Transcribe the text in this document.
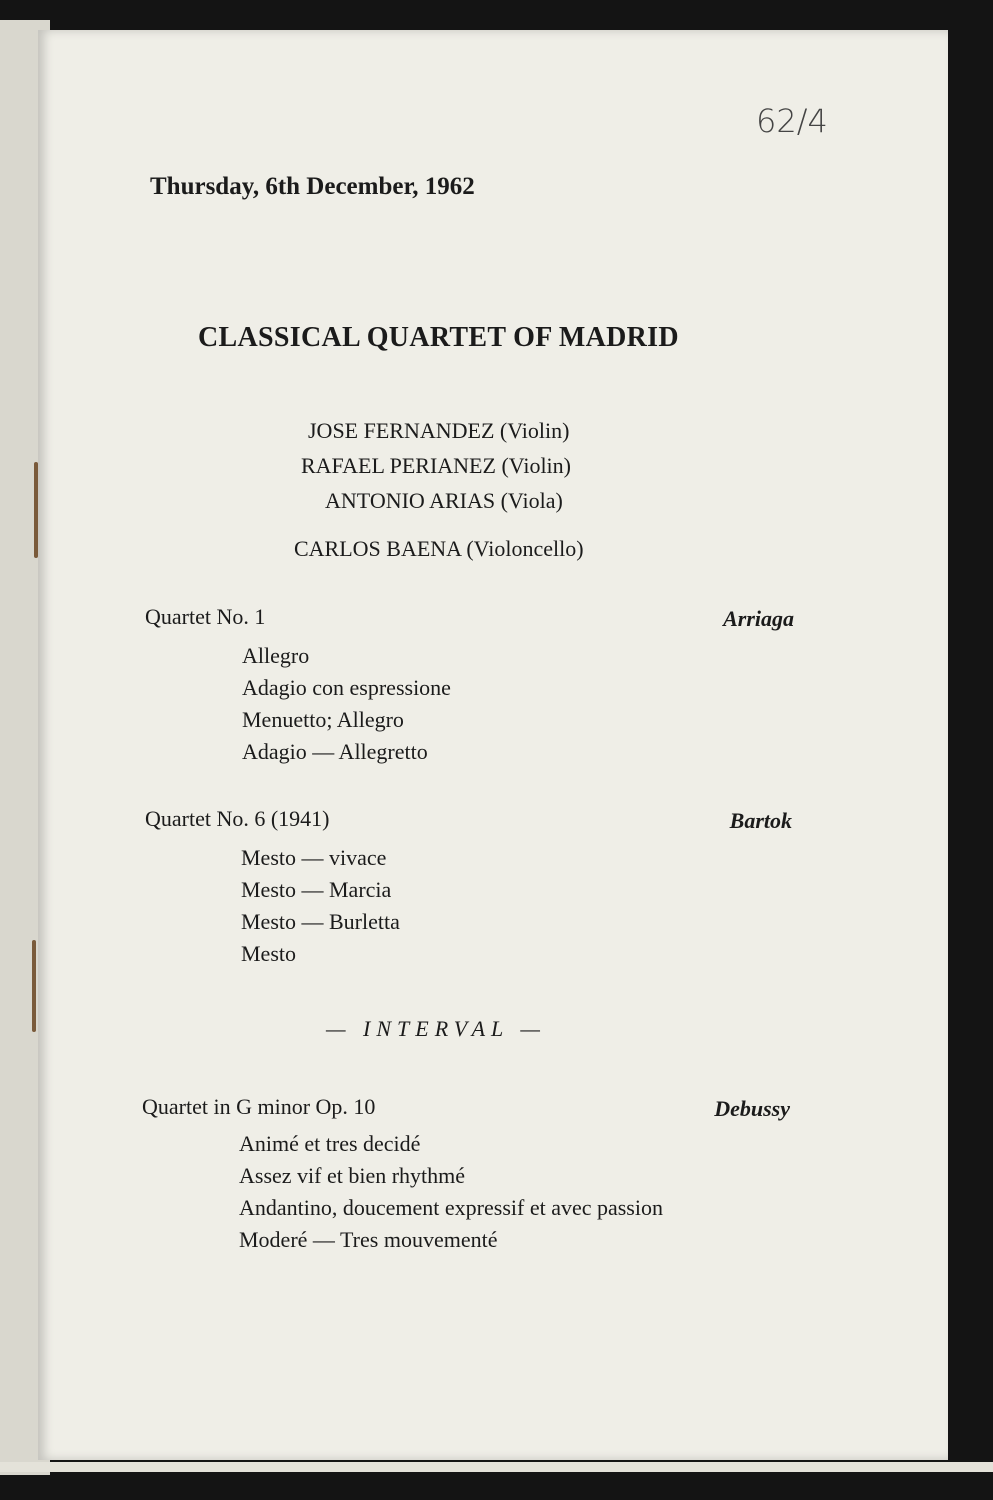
62/4
Thursday, 6th December, 1962
CLASSICAL QUARTET OF MADRID
JOSE FERNANDEZ (Violin)
RAFAEL PERIANEZ (Violin)
ANTONIO ARIAS (Viola)
CARLOS BAENA (Violoncello)
Quartet No. 1	Arriaga
Allegro
Adagio con espressione
Menuetto; Allegro
Adagio — Allegretto
Quartet No. 6 (1941)	Bartok
Mesto — vivace
Mesto — Marcia
Mesto — Burletta
Mesto
— INTERVAL —
Quartet in G minor Op. 10	Debussy
Animé et tres decidé
Assez vif et bien rhythmé
Andantino, doucement expressif et avec passion
Moderé — Tres mouvementé
